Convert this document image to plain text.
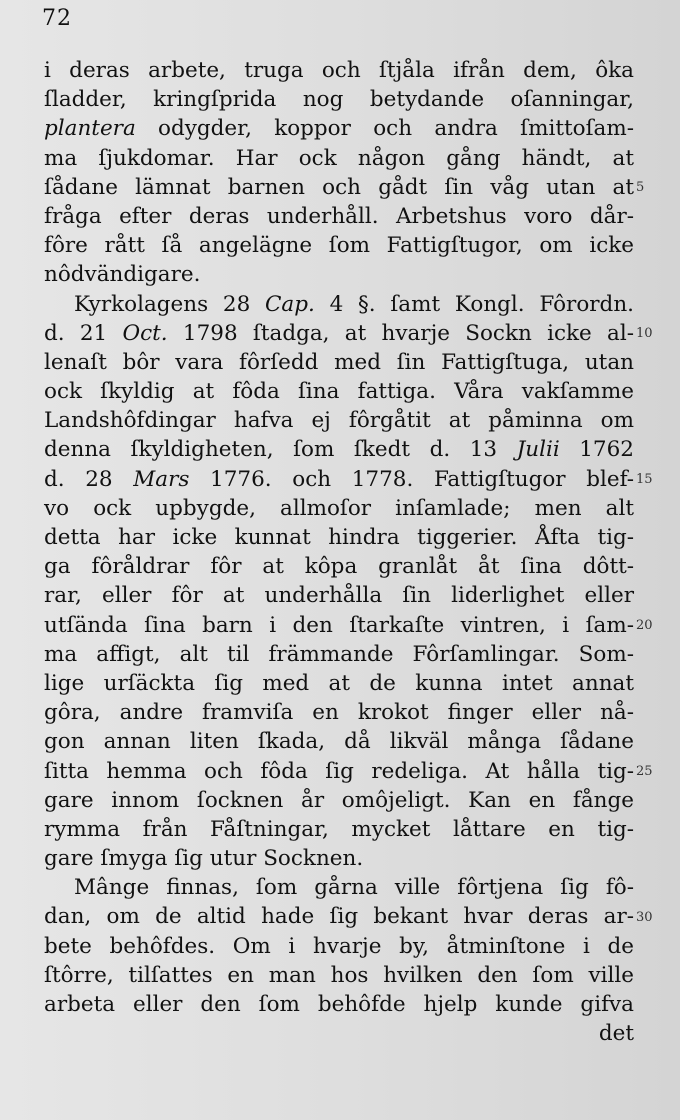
72
i deras arbete, truga och ſtjåla ifrån dem, ôka
ſladder, kringſprida nog betydande oſanningar,
plantera odygder, koppor och andra ſmittoſam-
ma ſjukdomar. Har ock någon gång händt, at
ſådane lämnat barnen och gådt ſin våg utan at
fråga efter deras underhåll. Arbetshus voro dår-
fôre rått ſå angelägne ſom Fattigſtugor, om icke
nôdvändigare.
Kyrkolagens 28 Cap. 4 §. ſamt Kongl. Fôrordn.
d. 21 Oct. 1798 ſtadga, at hvarje Sockn icke al-
lenaſt bôr vara fôrſedd med ſin Fattigſtuga, utan
ock ſkyldig at fôda ſina fattiga. Våra vakſamme
Landshôfdingar hafva ej fôrgåtit at påminna om
denna ſkyldigheten, ſom ſkedt d. 13 Julii 1762
d. 28 Mars 1776. och 1778. Fattigſtugor blef-
vo ock upbygde, allmoſor inſamlade; men alt
detta har icke kunnat hindra tiggerier. Åfta tig-
ga fôråldrar fôr at kôpa granlåt åt ſina dôtt-
rar, eller fôr at underhålla ſin liderlighet eller
utſända ſina barn i den ſtarkaſte vintren, i ſam-
ma affigt, alt til främmande Fôrſamlingar. Som-
lige urſäckta ſig med at de kunna intet annat
gôra, andre framviſa en krokot finger eller nå-
gon annan liten ſkada, då likväl många ſådane
ſitta hemma och fôda ſig redeliga. At hålla tig-
gare innom ſocknen år omôjeligt. Kan en fånge
rymma från Fåſtningar, mycket låttare en tig-
gare ſmyga ſig utur Socknen.
Mânge finnas, ſom gårna ville fôrtjena ſig fô-
dan, om de altid hade ſig bekant hvar deras ar-
bete behôfdes. Om i hvarje by, åtminſtone i de
ſtôrre, tilſattes en man hos hvilken den ſom ville
arbeta eller den ſom behôfde hjelp kunde gifva
det
5
10
15
20
25
30
